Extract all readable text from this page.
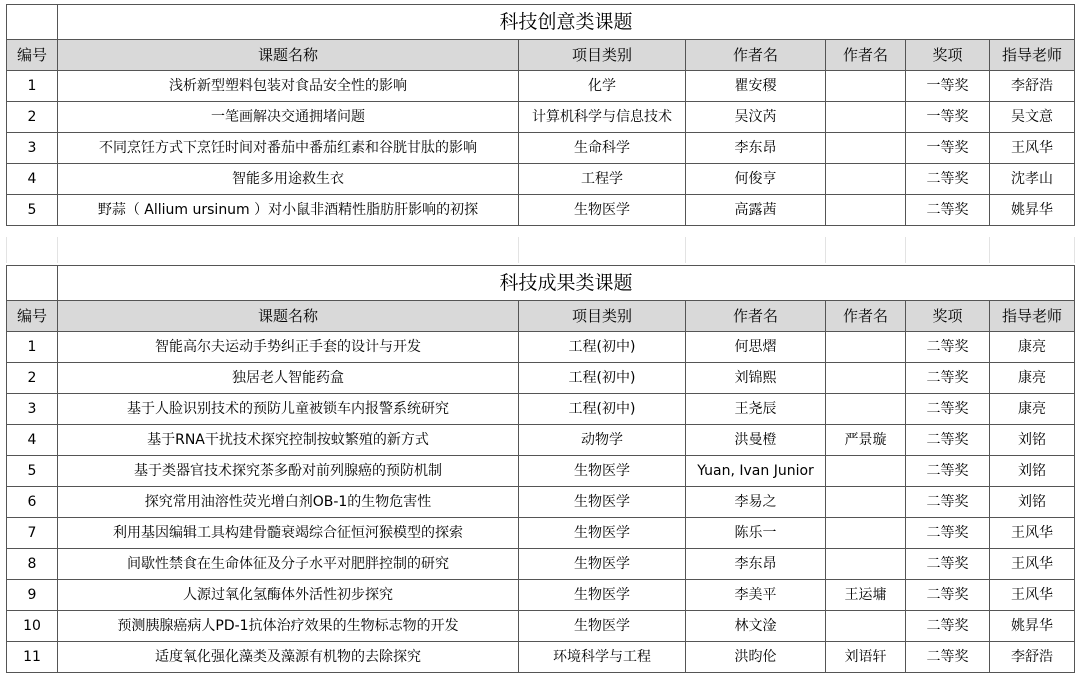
	科技创意类课题					
编号	课题名称	项目类别	作者名	作者名	奖项	指导老师
1	浅析新型塑料包装对食品安全性的影响	化学	瞿安稷		一等奖	李舒浩
2	一笔画解决交通拥堵问题	计算机科学与信息技术	吴汶芮		一等奖	吴文意
3	不同烹饪方式下烹饪时间对番茄中番茄红素和谷胱甘肽的影响	生命科学	李东昂		一等奖	王风华
4	智能多用途救生衣	工程学	何俊亨		二等奖	沈孝山
5	野蒜（ Allium ursinum ）对小鼠非酒精性脂肪肝影响的初探	生物医学	高露茜		二等奖	姚昇华
	科技成果类课题					
编号	课题名称	项目类别	作者名	作者名	奖项	指导老师
1	智能高尔夫运动手势纠正手套的设计与开发	工程(初中)	何思熠		二等奖	康亮
2	独居老人智能药盒	工程(初中)	刘锦熙		二等奖	康亮
3	基于人脸识别技术的预防儿童被锁车内报警系统研究	工程(初中)	王尧辰		二等奖	康亮
4	基于RNA干扰技术探究控制按蚊繁殖的新方式	动物学	洪曼橙	严景璇	二等奖	刘铭
5	基于类器官技术探究茶多酚对前列腺癌的预防机制	生物医学	Yuan, Ivan Junior		二等奖	刘铭
6	探究常用油溶性荧光增白剂OB-1的生物危害性	生物医学	李易之		二等奖	刘铭
7	利用基因编辑工具构建骨髓衰竭综合征恒河猴模型的探索	生物医学	陈乐一		二等奖	王风华
8	间歇性禁食在生命体征及分子水平对肥胖控制的研究	生物医学	李东昂		二等奖	王风华
9	人源过氧化氢酶体外活性初步探究	生物医学	李美平	王运墉	二等奖	王风华
10	预测胰腺癌病人PD-1抗体治疗效果的生物标志物的开发	生物医学	林文淦		二等奖	姚昇华
11	适度氧化强化藻类及藻源有机物的去除探究	环境科学与工程	洪昀伦	刘语轩	二等奖	李舒浩
